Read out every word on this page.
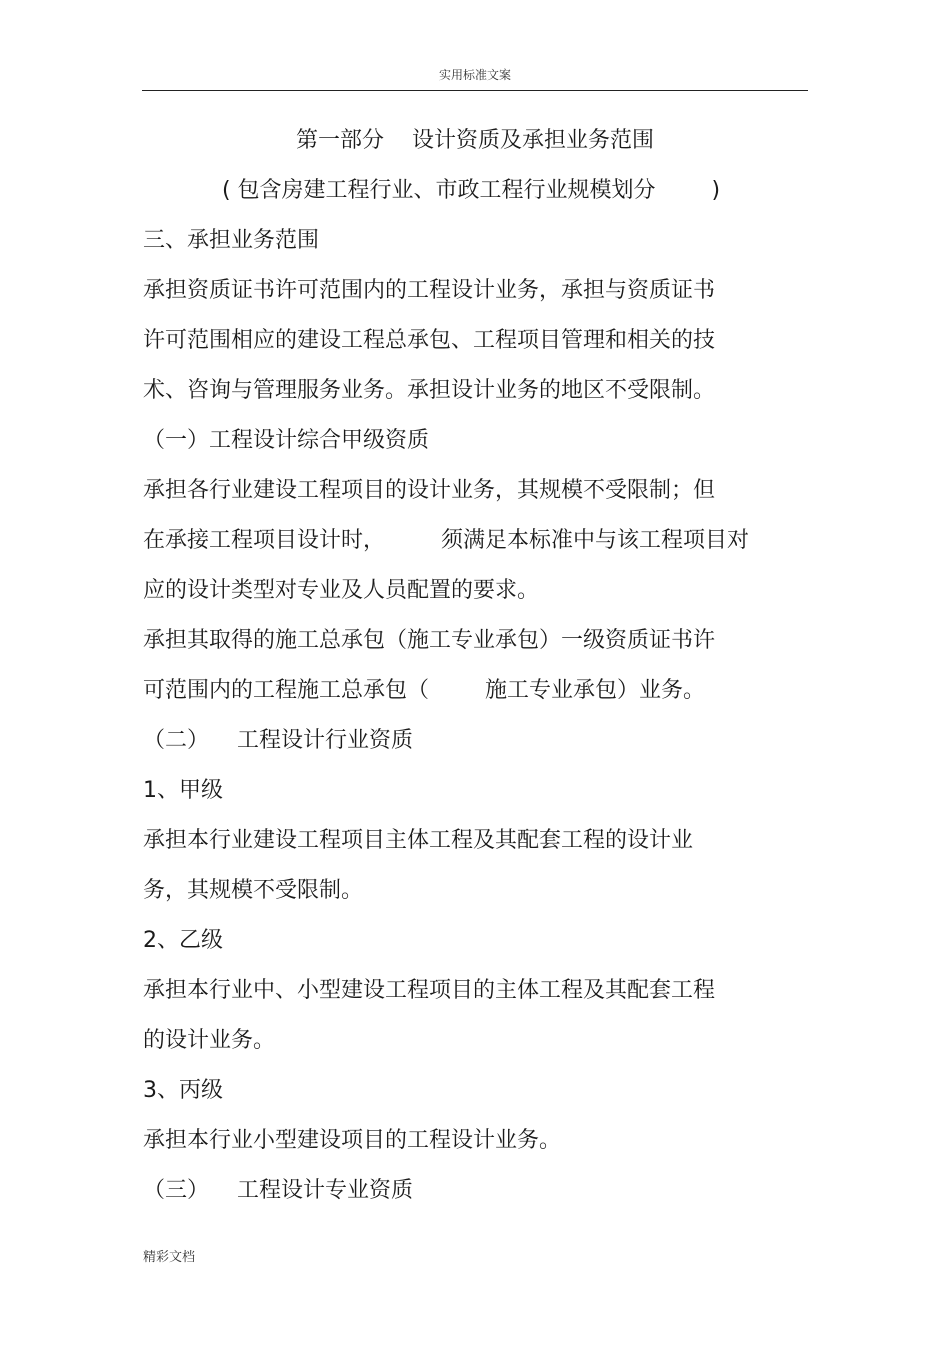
实用标准文案
第一部分    设计资质及承担业务范围
( 包含房建工程行业、市政工程行业规模划分        )
三、承担业务范围
承担资质证书许可范围内的工程设计业务，承担与资质证书
许可范围相应的建设工程总承包、工程项目管理和相关的技
术、咨询与管理服务业务。承担设计业务的地区不受限制。
（一）工程设计综合甲级资质
承担各行业建设工程项目的设计业务，其规模不受限制；但
在承接工程项目设计时，        须满足本标准中与该工程项目对
应的设计类型对专业及人员配置的要求。
承担其取得的施工总承包（施工专业承包）一级资质证书许
可范围内的工程施工总承包（        施工专业承包）业务。
（二）    工程设计行业资质
1、甲级
承担本行业建设工程项目主体工程及其配套工程的设计业
务，其规模不受限制。
2、乙级
承担本行业中、小型建设工程项目的主体工程及其配套工程
的设计业务。
3、丙级
承担本行业小型建设项目的工程设计业务。
（三）    工程设计专业资质
精彩文档
